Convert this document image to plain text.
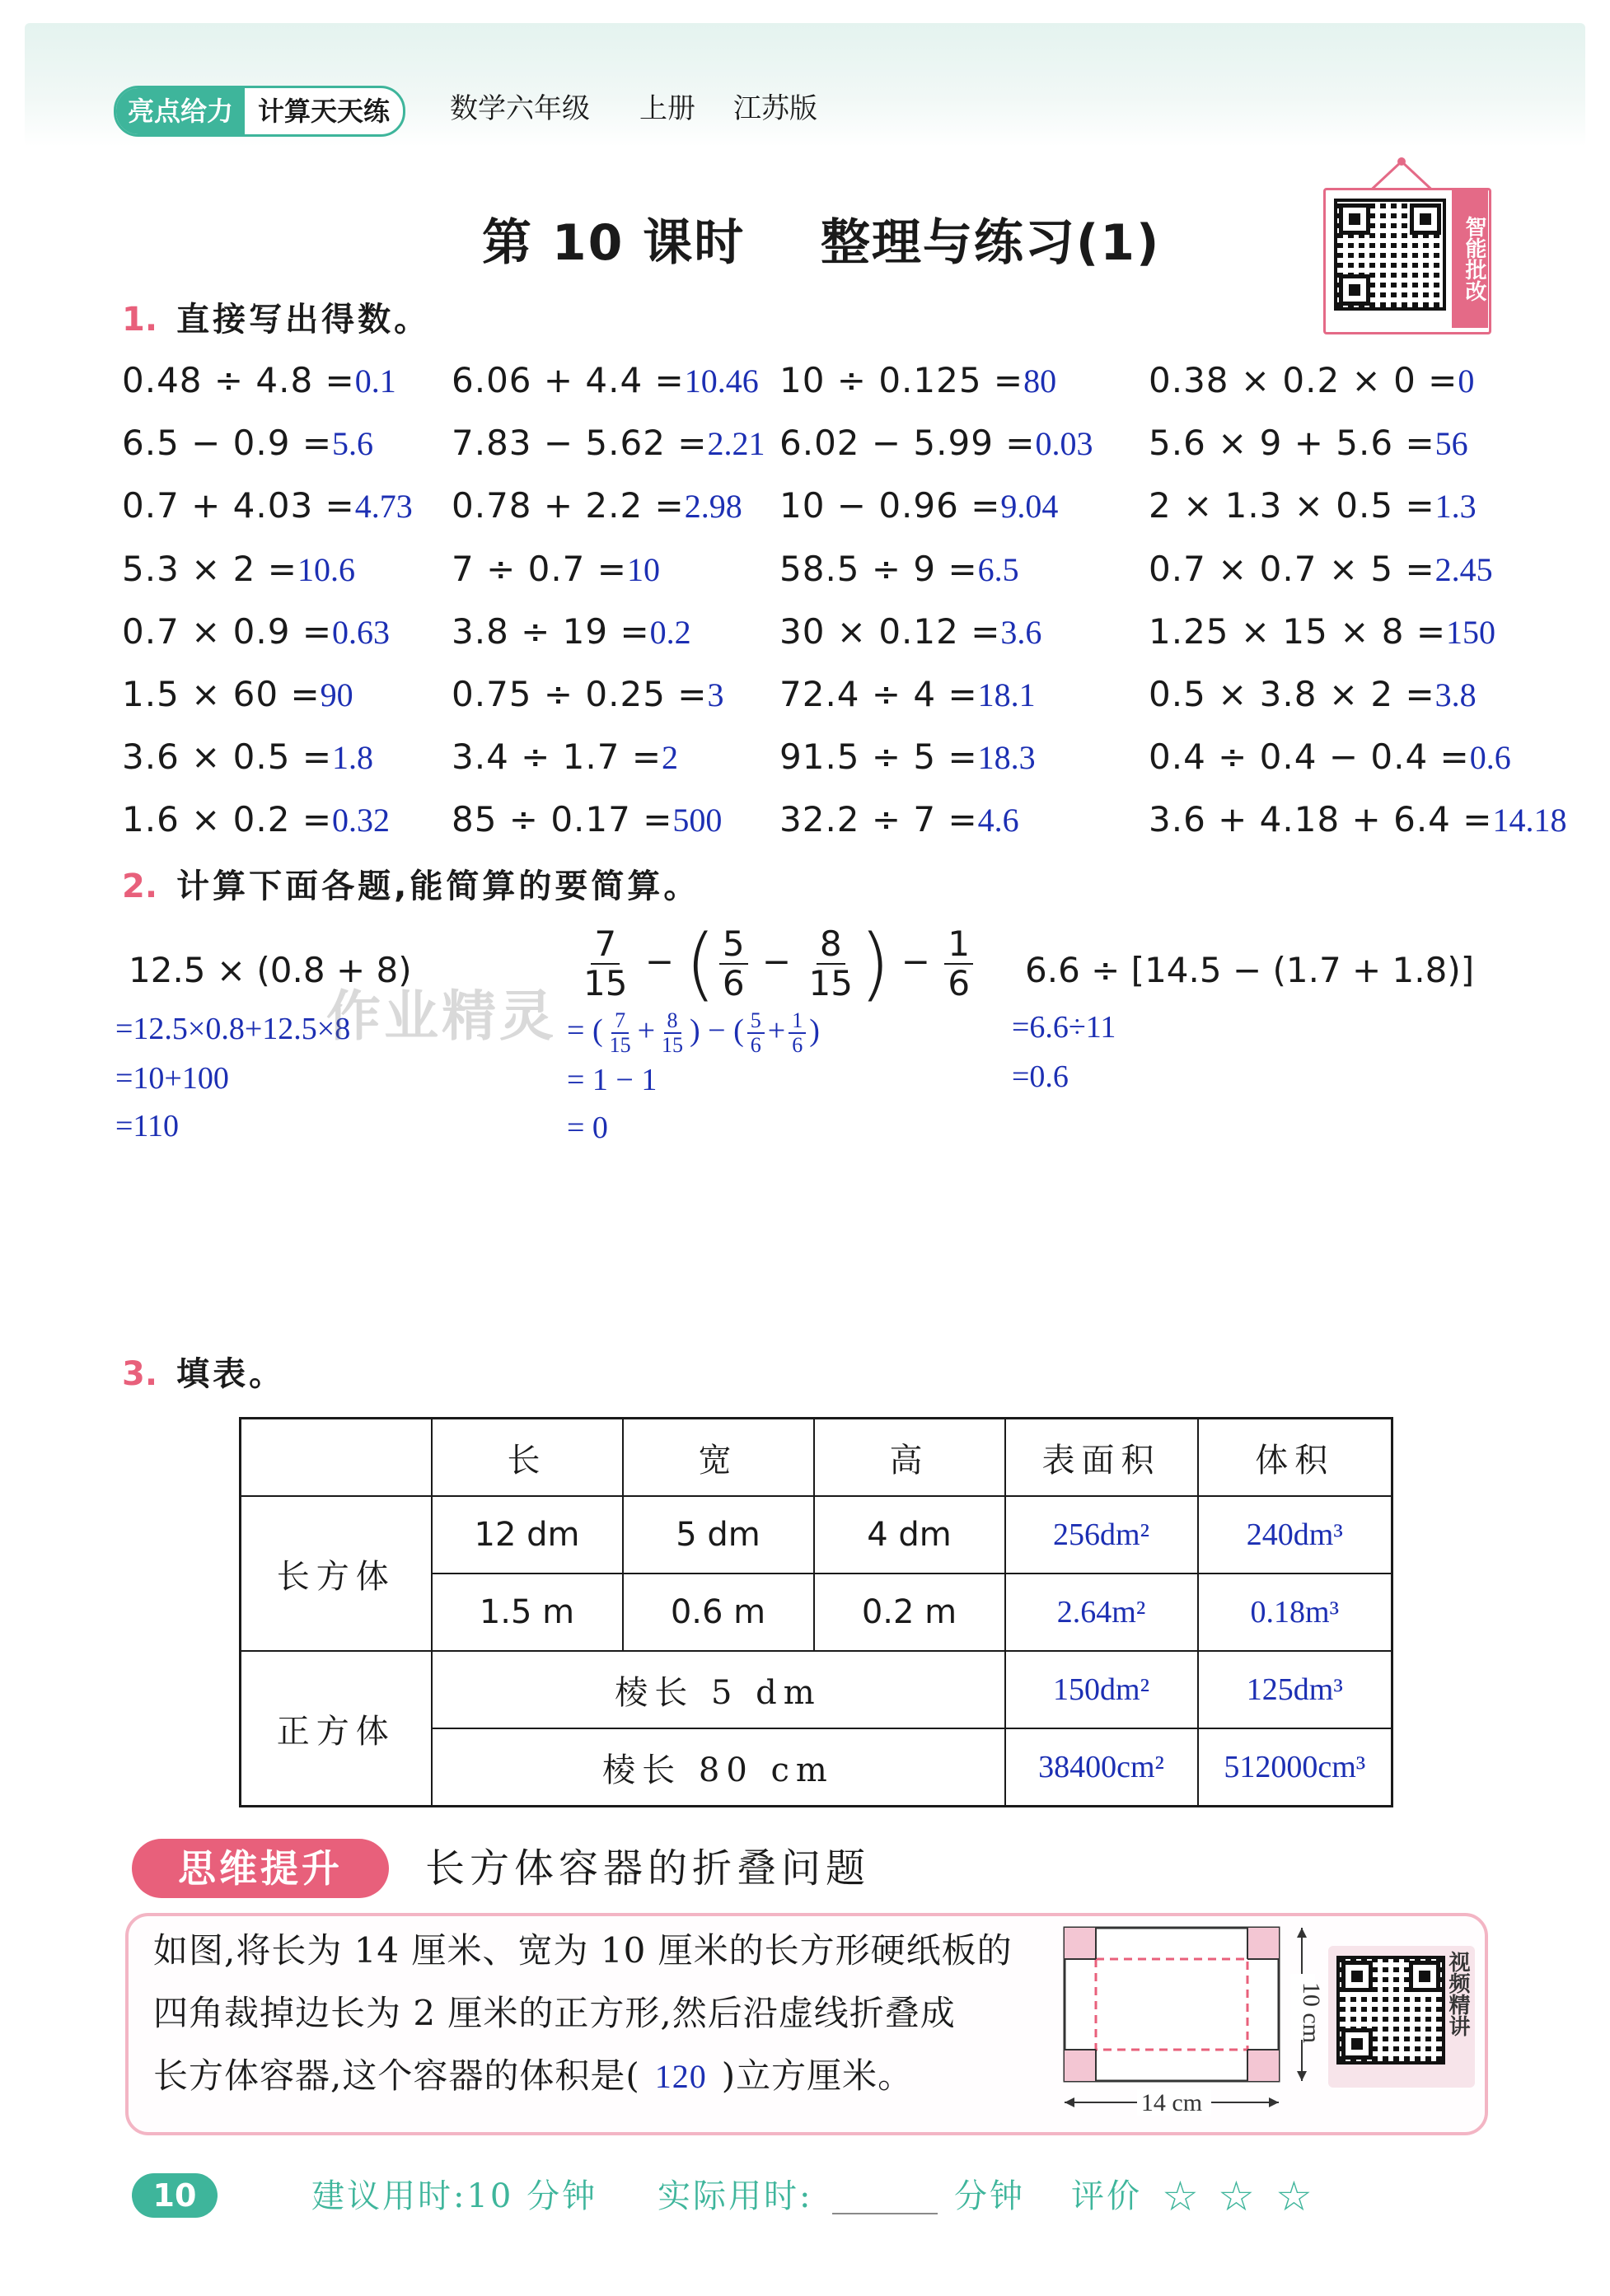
亮点给力 计算天天练	数学六年级 上册 江苏版
第 10 课时 整理与练习(1)	智能批改
1. 直接写出得数。
0.48 ÷ 4.8 =0.1 6.06 + 4.4 =10.46 10 ÷ 0.125 =80	0.38 × 0.2 × 0 =0
6.5 − 0.9 =5.6 7.83 − 5.62 =2.21 6.02 − 5.99 =0.03 5.6 × 9 + 5.6 =56
0.7 + 4.03 =4.73 0.78 + 2.2 =2.98 10 − 0.96 =9.04	2 × 1.3 × 0.5 =1.3
5.3 × 2 =10.6	7 ÷ 0.7 =10	58.5 ÷ 9 =6.5	0.7 × 0.7 × 5 =2.45
0.7 × 0.9 =0.63 3.8 ÷ 19 =0.2	30 × 0.12 =3.6	1.25 × 15 × 8 =150
1.5 × 60 =90	0.75 ÷ 0.25 =3 72.4 ÷ 4 =18.1	0.5 × 3.8 × 2 =3.8
3.6 × 0.5 =1.8 3.4 ÷ 1.7 =2	91.5 ÷ 5 =18.3	0.4 ÷ 0.4 − 0.4 =0.6
1.6 × 0.2 =0.32 85 ÷ 0.17 =500 32.2 ÷ 7 =4.6	3.6 + 4.18 + 6.4 =14.18
2. 计算下面各题,能简算的要简算。
12.5 × (0.8 + 8)
=12.5×0.8+12.5×8
=10+100
=110
作业精灵
$\frac{7}{15}$ − ( $\frac{5}{6} - \frac{8}{15}$ ) − $\frac{1}{6}$
= ( $\frac{7}{15} + \frac{8}{15}$ ) − ( $\frac{5}{6} + \frac{1}{6}$ )
= 1 − 1
= 0
6.6 ÷ [14.5 − (1.7 + 1.8)]
=6.6÷11
=0.6
3. 填表。
	长	宽	高	表面积	体积
长方体	12 dm	5 dm	4 dm	256dm²	240dm³
	1.5 m	0.6 m	0.2 m	2.64m²	0.18m³
正方体	棱长 5 dm			150dm²	125dm³
	棱长 80 cm			38400cm²	512000cm³
思维提升	长方体容器的折叠问题
如图,将长为 14 厘米、宽为 10 厘米的长方形硬纸板的
四角裁掉边长为 2 厘米的正方形,然后沿虚线折叠成
长方体容器,这个容器的体积是( 120 )立方厘米。
14 cm
10 cm	视频精讲
10	建议用时:10 分钟 实际用时:	分钟 评价 ☆ ☆ ☆
